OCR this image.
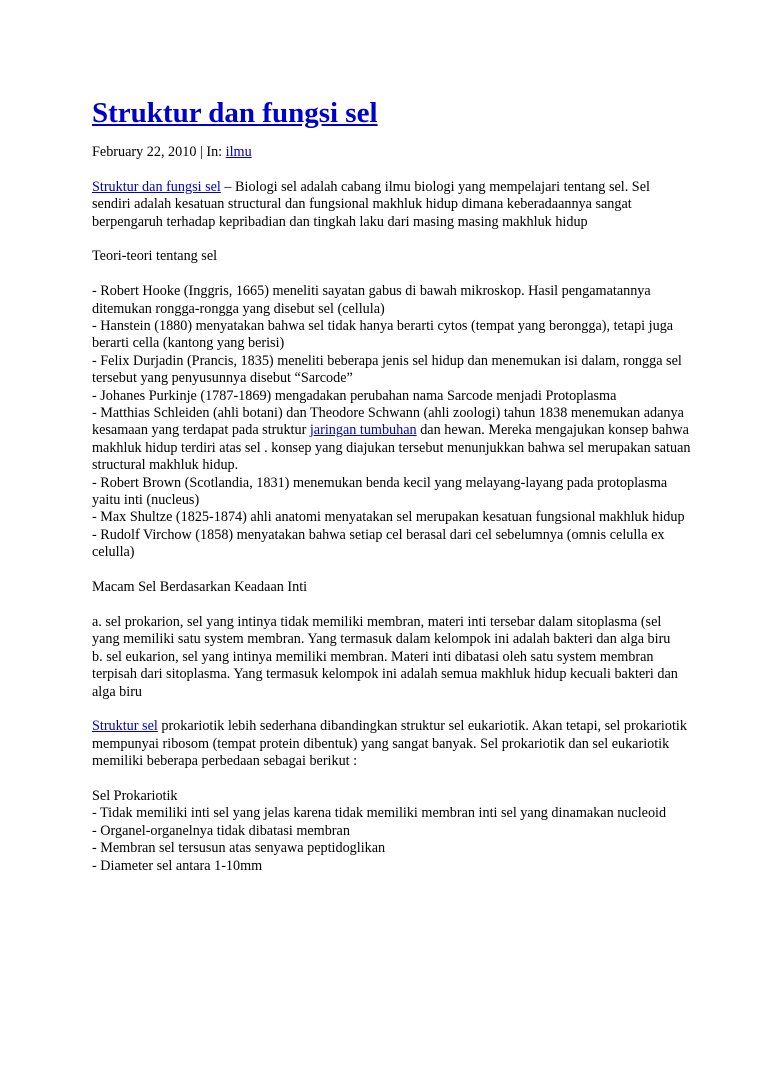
Struktur dan fungsi sel

February 22, 2010 | In: ilmu

Struktur dan fungsi sel – Biologi sel adalah cabang ilmu biologi yang mempelajari tentang sel. Sel sendiri adalah kesatuan structural dan fungsional makhluk hidup dimana keberadaannya sangat berpengaruh terhadap kepribadian dan tingkah laku dari masing masing makhluk hidup

Teori-teori tentang sel

- Robert Hooke (Inggris, 1665) meneliti sayatan gabus di bawah mikroskop. Hasil pengamatannya ditemukan rongga-rongga yang disebut sel (cellula)
- Hanstein (1880) menyatakan bahwa sel tidak hanya berarti cytos (tempat yang berongga), tetapi juga berarti cella (kantong yang berisi)
- Felix Durjadin (Prancis, 1835) meneliti beberapa jenis sel hidup dan menemukan isi dalam, rongga sel tersebut yang penyusunnya disebut “Sarcode”
- Johanes Purkinje (1787-1869) mengadakan perubahan nama Sarcode menjadi Protoplasma
- Matthias Schleiden (ahli botani) dan Theodore Schwann (ahli zoologi) tahun 1838 menemukan adanya kesamaan yang terdapat pada struktur jaringan tumbuhan dan hewan. Mereka mengajukan konsep bahwa makhluk hidup terdiri atas sel . konsep yang diajukan tersebut menunjukkan bahwa sel merupakan satuan structural makhluk hidup.
- Robert Brown (Scotlandia, 1831) menemukan benda kecil yang melayang-layang pada protoplasma yaitu inti (nucleus)
- Max Shultze (1825-1874) ahli anatomi menyatakan sel merupakan kesatuan fungsional makhluk hidup
- Rudolf Virchow (1858) menyatakan bahwa setiap cel berasal dari cel sebelumnya (omnis celulla ex celulla)

Macam Sel Berdasarkan Keadaan Inti

a. sel prokarion, sel yang intinya tidak memiliki membran, materi inti tersebar dalam sitoplasma (sel yang memiliki satu system membran. Yang termasuk dalam kelompok ini adalah bakteri dan alga biru
b. sel eukarion, sel yang intinya memiliki membran. Materi inti dibatasi oleh satu system membran terpisah dari sitoplasma. Yang termasuk kelompok ini adalah semua makhluk hidup kecuali bakteri dan alga biru

Struktur sel prokariotik lebih sederhana dibandingkan struktur sel eukariotik. Akan tetapi, sel prokariotik mempunyai ribosom (tempat protein dibentuk) yang sangat banyak. Sel prokariotik dan sel eukariotik memiliki beberapa perbedaan sebagai berikut :

Sel Prokariotik
- Tidak memiliki inti sel yang jelas karena tidak memiliki membran inti sel yang dinamakan nucleoid
- Organel-organelnya tidak dibatasi membran
- Membran sel tersusun atas senyawa peptidoglikan
- Diameter sel antara 1-10mm
